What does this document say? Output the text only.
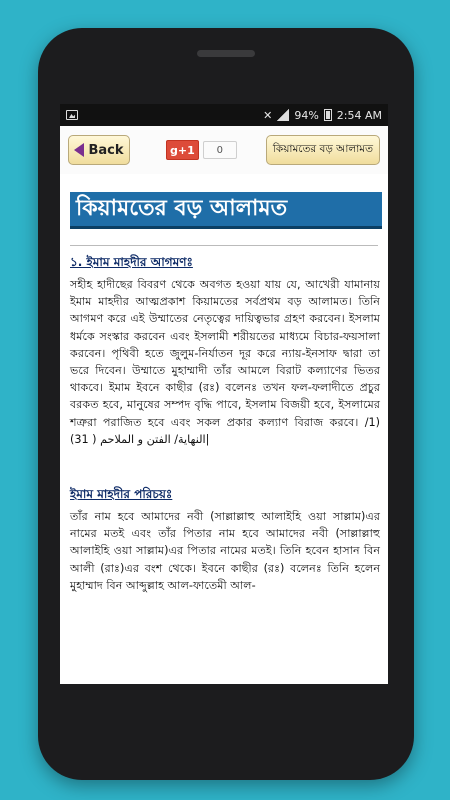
✕ 94% 2:54 AM
Back	g+1	0	কিয়ামতের বড় আলামত
কিয়ামতের বড় আলামত
১. ইমাম মাহদীর আগমণঃ
সহীহ হাদীছের বিবরণ থেকে অবগত হওয়া যায় যে, আখেরী যামানায় ইমাম মাহদীর আত্মপ্রকাশ কিয়ামতের সর্বপ্রথম বড় আলামত। তিনি আগমণ করে এই উম্মাতের নেতৃত্বের দায়িত্বভার গ্রহণ করবেন। ইসলাম ধর্মকে সংস্কার করবেন এবং ইসলামী শরীয়তের মাধ্যমে বিচার-ফয়সালা করবেন। পৃথিবী হতে জুলুম-নির্যাতন দূর করে ন্যায়-ইনসাফ দ্বারা তা ভরে দিবেন। উম্মাতে মুহাম্মাদী তাঁর আমলে বিরাট কল্যাণের ভিতর থাকবে। ইমাম ইবনে কাছীর (রঃ) বলেনঃ তখন ফল-ফলাদীতে প্রচুর বরকত হবে, মানুষের সম্পদ বৃদ্ধি পাবে, ইসলাম বিজয়ী হবে, ইসলামের শত্রুরা পরাজিত হবে এবং সকল প্রকার কল্যাণ বিরাজ করবে। /1) النهاية/ الفتن و الملاحم ( 31)|
ইমাম মাহদীর পরিচয়ঃ
তাঁর নাম হবে আমাদের নবী (সাল্লাল্লাহু আলাইহি ওয়া সাল্লাম)এর নামের মতই এবং তাঁর পিতার নাম হবে আমাদের নবী (সাল্লাল্লাহু আলাইহি ওয়া সাল্লাম)এর পিতার নামের মতই। তিনি হবেন হাসান বিন আলী (রাঃ)এর বংশ থেকে। ইবনে কাছীর (রঃ) বলেনঃ তিনি হলেন মুহাম্মাদ বিন আব্দুল্লাহ আল-ফাতেমী আল-
